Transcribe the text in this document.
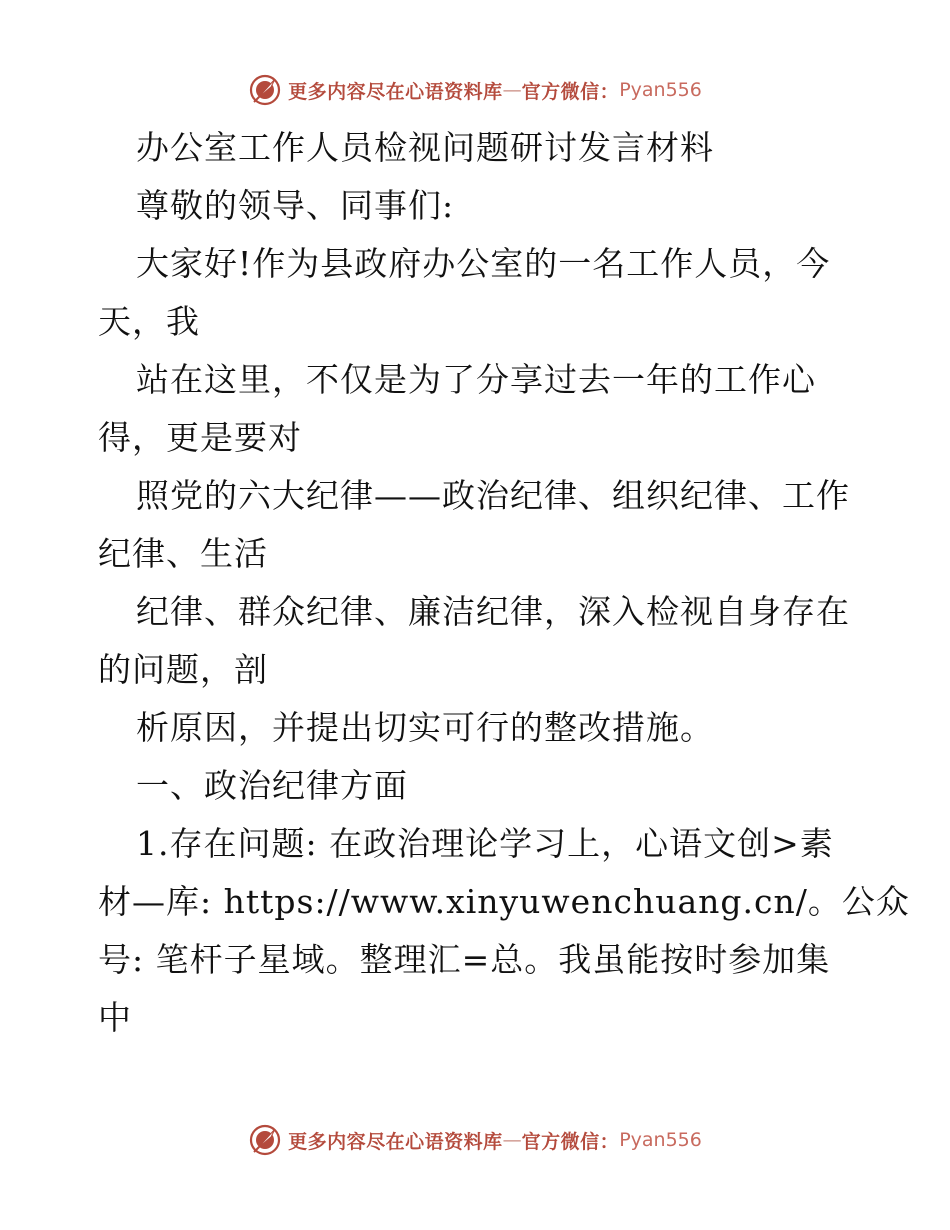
更多内容尽在心语资料库 — 官方微信： Pyan556
办公室工作人员检视问题研讨发言材料
尊敬的领导、同事们:
大家好!作为县政府办公室的一名工作人员，今
天，我
站在这里，不仅是为了分享过去一年的工作心
得，更是要对
照党的六大纪律——政治纪律、组织纪律、工作
纪律、生活
纪律、群众纪律、廉洁纪律，深入检视自身存在
的问题，剖
析原因，并提出切实可行的整改措施。
一、政治纪律方面
1.存在问题: 在政治理论学习上，心语文创>素
材—库: https://www.xinyuwenchuang.cn/。公众
号: 笔杆子星域。整理汇=总。我虽能按时参加集
中
更多内容尽在心语资料库 — 官方微信： Pyan556
